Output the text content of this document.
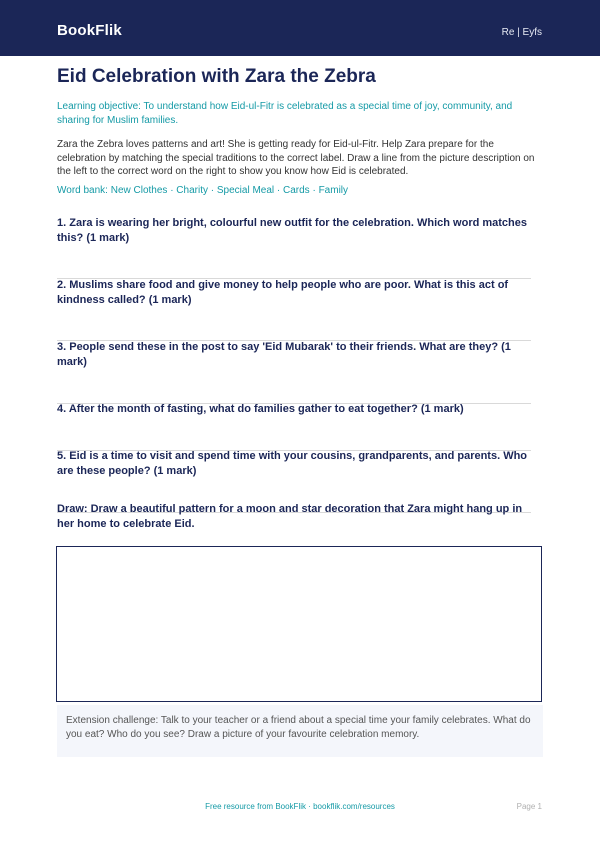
BookFlik	Re | Eyfs
Eid Celebration with Zara the Zebra
Learning objective: To understand how Eid-ul-Fitr is celebrated as a special time of joy, community, and sharing for Muslim families.
Zara the Zebra loves patterns and art! She is getting ready for Eid-ul-Fitr. Help Zara prepare for the celebration by matching the special traditions to the correct label. Draw a line from the picture description on the left to the correct word on the right to show you know how Eid is celebrated.
Word bank: New Clothes · Charity · Special Meal · Cards · Family
1. Zara is wearing her bright, colourful new outfit for the celebration. Which word matches this? (1 mark)
2. Muslims share food and give money to help people who are poor. What is this act of kindness called? (1 mark)
3. People send these in the post to say 'Eid Mubarak' to their friends. What are they? (1 mark)
4. After the month of fasting, what do families gather to eat together? (1 mark)
5. Eid is a time to visit and spend time with your cousins, grandparents, and parents. Who are these people? (1 mark)
Draw: Draw a beautiful pattern for a moon and star decoration that Zara might hang up in her home to celebrate Eid.
Extension challenge: Talk to your teacher or a friend about a special time your family celebrates. What do you eat? Who do you see? Draw a picture of your favourite celebration memory.
Free resource from BookFlik · bookflik.com/resources	Page 1
